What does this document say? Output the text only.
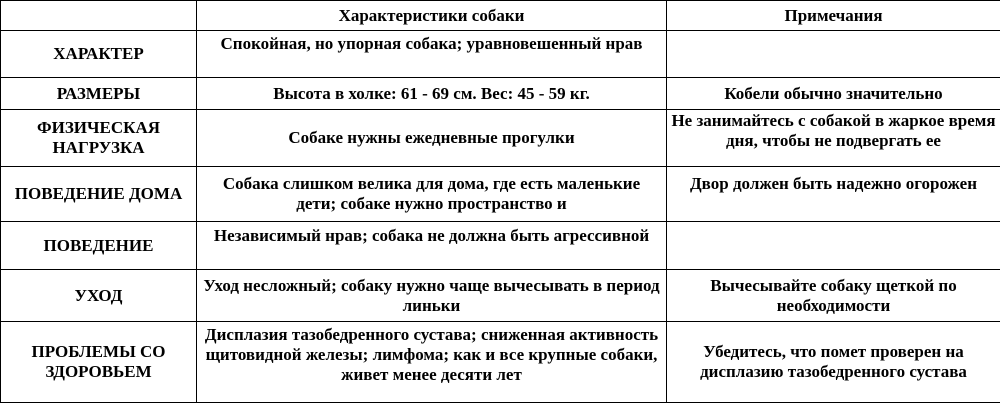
	Характеристики собаки	Примечания
ХАРАКТЕР	Спокойная, но упорная собака; уравновешенный нрав	

РАЗМЕРЫ	Высота в холке: 61 - 69 см. Вес: 45 - 59 кг.	Кобели обычно значительно

ФИЗИЧЕСКАЯ НАГРУЗКА	Собаке нужны ежедневные прогулки	Не занимайтесь с собакой в жаркое время дня, чтобы не подвергать ее

ПОВЕДЕНИЕ ДОМА	Собака слишком велика для дома, где есть маленькие дети; собаке нужно пространство и	Двор должен быть надежно огорожен

ПОВЕДЕНИЕ	Независимый нрав; собака не должна быть агрессивной	

УХОД	Уход несложный; собаку нужно чаще вычесывать в период линьки	Вычесывайте собаку щеткой по необходимости

ПРОБЛЕМЫ СО ЗДОРОВЬЕМ	Дисплазия тазобедренного сустава; сниженная активность щитовидной железы; лимфома; как и все крупные собаки, живет менее десяти лет	Убедитесь, что помет проверен на дисплазию тазобедренного сустава
